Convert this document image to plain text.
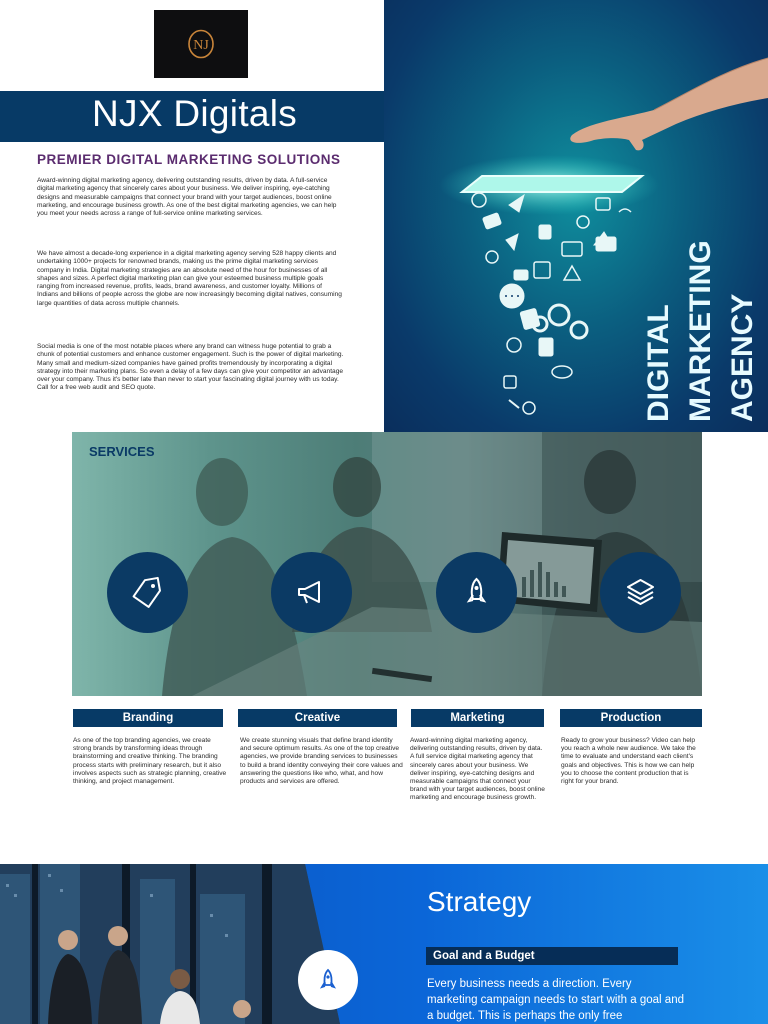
NJ
NJX Digitals
PREMIER DIGITAL MARKETING SOLUTIONS

Award-winning digital marketing agency, delivering outstanding results, driven by data. A full-service digital marketing agency that sincerely cares about your business. We deliver inspiring, eye-catching designs and measurable campaigns that connect your brand with your target audiences, boost online marketing, and encourage business growth. As one of the best digital marketing agencies, we can help you meet your needs across a range of full-service online marketing services.

We have almost a decade-long experience in a digital marketing agency serving 528 happy clients and undertaking 1000+ projects for renowned brands, making us the prime digital marketing services company in India. Digital marketing strategies are an absolute need of the hour for businesses of all shapes and sizes. A perfect digital marketing plan can give your esteemed business multiple goals ranging from increased revenue, profits, leads, brand awareness, and customer loyalty. Millions of Indians and billions of people across the globe are now increasingly becoming digital natives, consuming large quantities of data across multiple channels.

Social media is one of the most notable places where any brand can witness huge potential to grab a chunk of potential customers and enhance customer engagement. Such is the power of digital marketing. Many small and medium-sized companies have gained profits tremendously by incorporating a digital strategy into their marketing plans. So even a delay of a few days can give your competitor an advantage over your company. Thus it's better late than never to start your fascinating digital journey with us today. Call for a free web audit and SEO quote.	DIGITAL MARKETING AGENCY
SERVICES
Branding	Creative	Marketing	Production

As one of the top branding agencies, we create strong brands by transforming ideas through brainstorming and creative thinking. The branding process starts with preliminary research, but it also involves aspects such as strategic planning, creative thinking, and project management.

We create stunning visuals that define brand identity and secure optimum results. As one of the top creative agencies, we provide branding services to businesses to build a brand identity conveying their core values and answering the questions like who, what, and how products and services are offered.

Award-winning digital marketing agency, delivering outstanding results, driven by data. A full service digital marketing agency that sincerely cares about your business. We deliver inspiring, eye-catching designs and measurable campaigns that connect your brand with your target audiences, boost online marketing and encourage business growth.

Ready to grow your business? Video can help you reach a whole new audience. We take the time to evaluate and understand each client's goals and objectives. This is how we can help you to choose the content production that is right for your brand.

Strategy
Goal and a Budget

Every business needs a direction. Every marketing campaign needs to start with a goal and a budget. This is perhaps the only free
